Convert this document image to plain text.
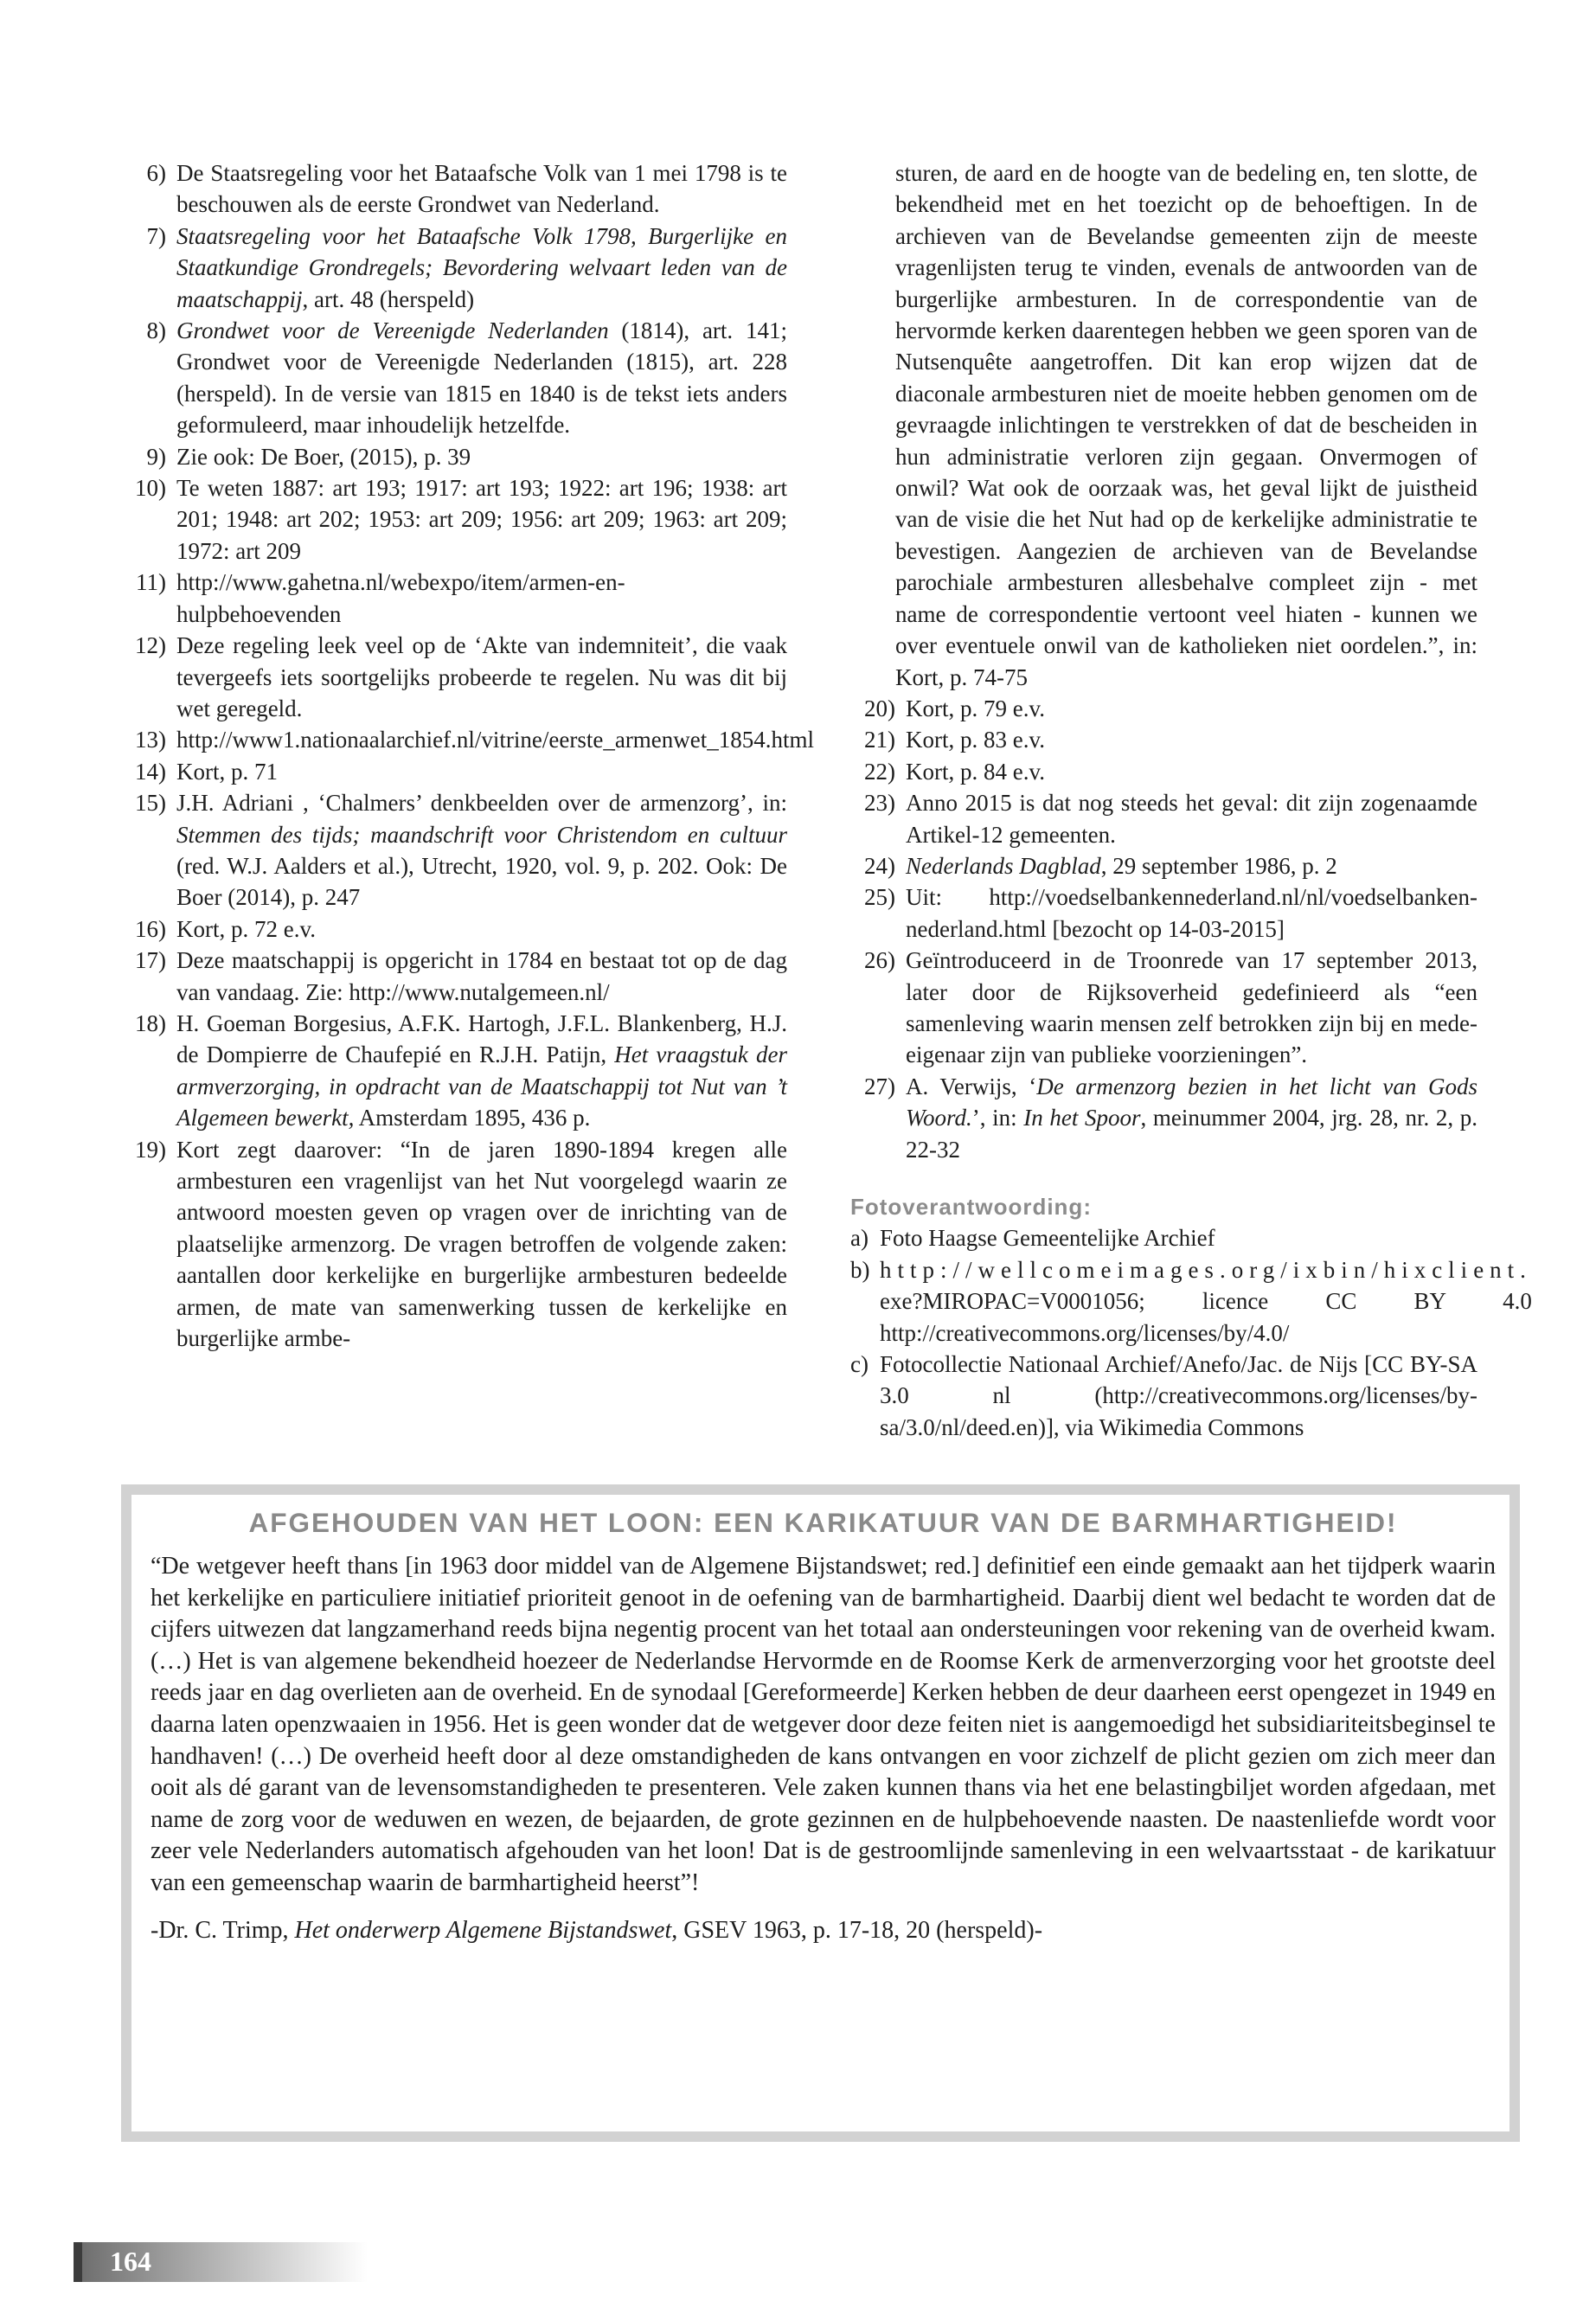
6) De Staatsregeling voor het Bataafsche Volk van 1 mei 1798 is te beschouwen als de eerste Grondwet van Nederland.
7) Staatsregeling voor het Bataafsche Volk 1798, Burgerlijke en Staatkundige Grondregels; Bevordering welvaart leden van de maatschappij, art. 48 (herspeld)
8) Grondwet voor de Vereenigde Nederlanden (1814), art. 141; Grondwet voor de Vereenigde Nederlanden (1815), art. 228 (herspeld). In de versie van 1815 en 1840 is de tekst iets anders geformuleerd, maar inhoudelijk hetzelfde.
9) Zie ook: De Boer, (2015), p. 39
10) Te weten 1887: art 193; 1917: art 193; 1922: art 196; 1938: art 201; 1948: art 202; 1953: art 209; 1956: art 209; 1963: art 209; 1972: art 209
11) http://www.gahetna.nl/webexpo/item/armen-en-hulpbehoevenden
12) Deze regeling leek veel op de ‘Akte van indemniteit’, die vaak tevergeefs iets soortgelijks probeerde te regelen. Nu was dit bij wet geregeld.
13) http://www1.nationaalarchief.nl/vitrine/eerste_armenwet_1854.html
14) Kort, p. 71
15) J.H. Adriani , ‘Chalmers’ denkbeelden over de armenzorg’, in: Stemmen des tijds; maandschrift voor Christendom en cultuur (red. W.J. Aalders et al.), Utrecht, 1920, vol. 9, p. 202. Ook: De Boer (2014), p. 247
16) Kort, p. 72 e.v.
17) Deze maatschappij is opgericht in 1784 en bestaat tot op de dag van vandaag. Zie: http://www.nutalgemeen.nl/
18) H. Goeman Borgesius, A.F.K. Hartogh, J.F.L. Blankenberg, H.J. de Dompierre de Chaufepié en R.J.H. Patijn, Het vraagstuk der armverzorging, in opdracht van de Maatschappij tot Nut van ’t Algemeen bewerkt, Amsterdam 1895, 436 p.
19) Kort zegt daarover: “In de jaren 1890-1894 kregen alle armbesturen een vragenlijst van het Nut voorgelegd waarin ze antwoord moesten geven op vragen over de inrichting van de plaatselijke armenzorg. De vragen betroffen de volgende zaken: aantallen door kerkelijke en burgerlijke armbesturen bedeelde armen, de mate van samenwerking tussen de kerkelijke en burgerlijke armbe-
sturen, de aard en de hoogte van de bedeling en, ten slotte, de bekendheid met en het toezicht op de behoeftigen. In de archieven van de Bevelandse gemeenten zijn de meeste vragenlijsten terug te vinden, evenals de antwoorden van de burgerlijke armbesturen. In de correspondentie van de hervormde kerken daarentegen hebben we geen sporen van de Nutsenquête aangetroffen. Dit kan erop wijzen dat de diaconale armbesturen niet de moeite hebben genomen om de gevraagde inlichtingen te verstrekken of dat de bescheiden in hun administratie verloren zijn gegaan. Onvermogen of onwil? Wat ook de oorzaak was, het geval lijkt de juistheid van de visie die het Nut had op de kerkelijke administratie te bevestigen. Aangezien de archieven van de Bevelandse parochiale armbesturen allesbehalve compleet zijn - met name de correspondentie vertoont veel hiaten - kunnen we over eventuele onwil van de katholieken niet oordelen.”, in: Kort, p. 74-75
20) Kort, p. 79 e.v.
21) Kort, p. 83 e.v.
22) Kort, p. 84 e.v.
23) Anno 2015 is dat nog steeds het geval: dit zijn zogenaamde Artikel-12 gemeenten.
24) Nederlands Dagblad, 29 september 1986, p. 2
25) Uit: http://voedselbankennederland.nl/nl/voedselbanken-nederland.html [bezocht op 14-03-2015]
26) Geïntroduceerd in de Troonrede van 17 september 2013, later door de Rijksoverheid gedefinieerd als “een samenleving waarin mensen zelf betrokken zijn bij en mede-eigenaar zijn van publieke voorzieningen”.
27) A. Verwijs, ‘De armenzorg bezien in het licht van Gods Woord.’, in: In het Spoor, meinummer 2004, jrg. 28, nr. 2, p. 22-32
Fotoverantwoording:
a) Foto Haagse Gemeentelijke Archief
b) http://wellcomeimages.org/ixbin/hixclient. exe?MIROPAC=V0001056; licence CC BY 4.0 http://creativecommons.org/licenses/by/4.0/
c) Fotocollectie Nationaal Archief/Anefo/Jac. de Nijs [CC BY-SA 3.0 nl (http://creativecommons.org/licenses/by-sa/3.0/nl/deed.en)], via Wikimedia Commons
AFGEHOUDEN VAN HET LOON: EEN KARIKATUUR VAN DE BARMHARTIGHEID!
“De wetgever heeft thans [in 1963 door middel van de Algemene Bijstandswet; red.] definitief een einde gemaakt aan het tijdperk waarin het kerkelijke en particuliere initiatief prioriteit genoot in de oefening van de barmhartigheid. Daarbij dient wel bedacht te worden dat de cijfers uitwezen dat langzamerhand reeds bijna negentig procent van het totaal aan ondersteuningen voor rekening van de overheid kwam. (…) Het is van algemene bekendheid hoezeer de Nederlandse Hervormde en de Roomse Kerk de armenverzorging voor het grootste deel reeds jaar en dag overlieten aan de overheid. En de synodaal [Gereformeerde] Kerken hebben de deur daarheen eerst opengezet in 1949 en daarna laten openzwaaien in 1956. Het is geen wonder dat de wetgever door deze feiten niet is aangemoedigd het subsidiariteitsbeginsel te handhaven! (…) De overheid heeft door al deze omstandigheden de kans ontvangen en voor zichzelf de plicht gezien om zich meer dan ooit als dé garant van de levensomstandigheden te presenteren. Vele zaken kunnen thans via het ene belastingbiljet worden afgedaan, met name de zorg voor de weduwen en wezen, de bejaarden, de grote gezinnen en de hulpbehoevende naasten. De naastenliefde wordt voor zeer vele Nederlanders automatisch afgehouden van het loon! Dat is de gestroomlijnde samenleving in een welvaartsstaat - de karikatuur van een gemeenschap waarin de barmhartigheid heerst”!
-Dr. C. Trimp, Het onderwerp Algemene Bijstandswet, GSEV 1963, p. 17-18, 20 (herspeld)-
164
